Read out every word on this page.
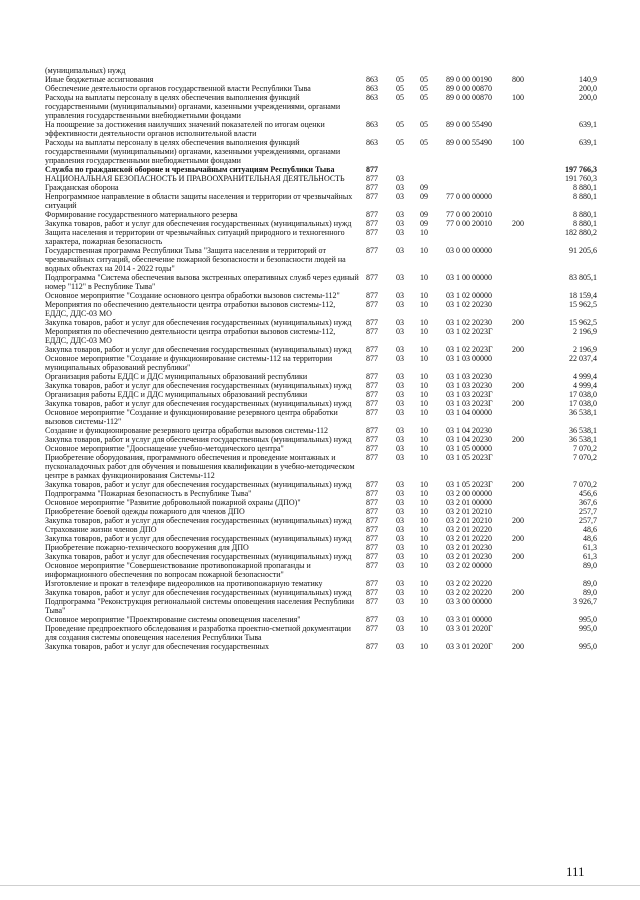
(муниципальных) нужд
Иные бюджетные ассигнования	863 05 05 89 0 00 00190	800	140,9
Обеспечение деятельности органов государственной власти Республики Тыва	863 05 05 89 0 00 00870	200,0
Расходы на выплаты персоналу в целях обеспечения выполнения функций государственными (муниципальными) органами, казенными учреждениями, органами управления государственными внебюджетными фондами
863 05 05 89 0 00 00870	100	200,0
На поощрение за достижения наилучших значений показателей по итогам оценки эффективности деятельности органов исполнительной власти
863 05 05 89 0 00 55490	639,1
Расходы на выплаты персоналу в целях обеспечения выполнения функций государственными (муниципальными) органами, казенными учреждениями, органами управления государственными внебюджетными фондами
863 05 05 89 0 00 55490	100	639,1
Служба по гражданской обороне и чрезвычайным ситуациям Республики Тыва	877	197 766,3
НАЦИОНАЛЬНАЯ БЕЗОПАСНОСТЬ И ПРАВООХРАНИТЕЛЬНАЯ ДЕЯТЕЛЬНОСТЬ	877 03	191 760,3
Гражданская оборона	877 03 09	8 880,1
Непрограммное направление в области защиты населения и территории от чрезвычайных ситуаций
877 03 09 77 0 00 00000	8 880,1
Формирование государственного материального резерва	877 03 09 77 0 00 20010	8 880,1
Закупка товаров, работ и услуг для обеспечения государственных (муниципальных) нужд	877 03 09 77 0 00 20010	200	8 880,1
Защита населения и территории от чрезвычайных ситуаций природного и техногенного характера, пожарная безопасность
877 03 10	182 880,2
Государственная программа Республики Тыва "Защита населения и территорий от чрезвычайных ситуаций, обеспечение пожарной безопасности и безопасности людей на водных объектах на 2014 - 2022 годы"
877 03 10 03 0 00 00000	91 205,6
Подпрограмма "Система обеспечения вызова экстренных оперативных служб через единый номер "112" в Республике Тыва"
877 03 10 03 1 00 00000	83 805,1
Основное мероприятие "Создание основного центра обработки вызовов системы-112"	877 03 10 03 1 02 00000	18 159,4
Мероприятия по обеспечению деятельности центра отработки вызовов системы-112, ЕДДС, ДДС-03 МО
877 03 10 03 1 02 20230	15 962,5
Закупка товаров, работ и услуг для обеспечения государственных (муниципальных) нужд	877 03 10 03 1 02 20230	200	15 962,5
Мероприятия по обеспечению деятельности центра отработки вызовов системы-112, ЕДДС, ДДС-03 МО
877 03 10 03 1 02 2023Г	2 196,9
Закупка товаров, работ и услуг для обеспечения государственных (муниципальных) нужд	877 03 10 03 1 02 2023Г 200	2 196,9
Основное мероприятие "Создание и функционирование системы-112 на территории муниципальных образований республики"
877 03 10 03 1 03 00000	22 037,4
Организация работы ЕДДС и ДДС муниципальных образований республики	877 03 10 03 1 03 20230	4 999,4
Закупка товаров, работ и услуг для обеспечения государственных (муниципальных) нужд	877 03 10 03 1 03 20230	200	4 999,4
Организация работы ЕДДС и ДДС муниципальных образований республики	877 03 10 03 1 03 2023Г	17 038,0
Закупка товаров, работ и услуг для обеспечения государственных (муниципальных) нужд	877 03 10 03 1 03 2023Г 200	17 038,0
Основное мероприятие "Создание и функционирование резервного центра обработки вызовов системы-112"
877 03 10 03 1 04 00000	36 538,1
Создание и функционирование резервного центра обработки вызовов системы-112	877 03 10 03 1 04 20230	36 538,1
Закупка товаров, работ и услуг для обеспечения государственных (муниципальных) нужд	877 03 10 03 1 04 20230	200	36 538,1
Основное мероприятие "Дооснащение учебно-методического центра"	877 03 10 03 1 05 00000	7 070,2
Приобретение оборудования, программного обеспечения и проведение монтажных и пусконаладочных работ для обучения и повышения квалификации в учебно-методическом центре в рамках функционирования Системы-112
877 03 10 03 1 05 2023Г	7 070,2
Закупка товаров, работ и услуг для обеспечения государственных (муниципальных) нужд	877 03 10 03 1 05 2023Г 200	7 070,2
Подпрограмма "Пожарная безопасность в Республике Тыва"	877 03 10 03 2 00 00000	456,6
Основное мероприятие "Развитие добровольной пожарной охраны (ДПО)"	877 03 10 03 2 01 00000	367,6
Приобретение боевой одежды пожарного для членов ДПО	877 03 10 03 2 01 20210	257,7
Закупка товаров, работ и услуг для обеспечения государственных (муниципальных) нужд	877 03 10 03 2 01 20210	200	257,7
Страхование жизни членов ДПО	877 03 10 03 2 01 20220	48,6
Закупка товаров, работ и услуг для обеспечения государственных (муниципальных) нужд	877 03 10 03 2 01 20220	200	48,6
Приобретение пожарно-технического вооружения для ДПО	877 03 10 03 2 01 20230	61,3
Закупка товаров, работ и услуг для обеспечения государственных (муниципальных) нужд	877 03 10 03 2 01 20230	200	61,3
Основное мероприятие "Совершенствование противопожарной пропаганды и информационного обеспечения по вопросам пожарной безопасности"
877 03 10 03 2 02 00000	89,0
Изготовление и прокат в телеэфире видеороликов на противопожарную тематику	877 03 10 03 2 02 20220	89,0
Закупка товаров, работ и услуг для обеспечения государственных (муниципальных) нужд	877 03 10 03 2 02 20220	200	89,0
Подпрограмма "Реконструкция региональной системы оповещения населения Республики Тыва"
877 03 10 03 3 00 00000	3 926,7
Основное мероприятие "Проектирование системы оповещения населения"	877 03 10 03 3 01 00000	995,0
Проведение предпроектного обследования и разработка проектно-сметной документации для создания системы оповещения населения Республики Тыва
877 03 10 03 3 01 2020Г	995,0
Закупка товаров, работ и услуг для обеспечения государственных	877 03 10 03 3 01 2020Г 200	995,0
111
